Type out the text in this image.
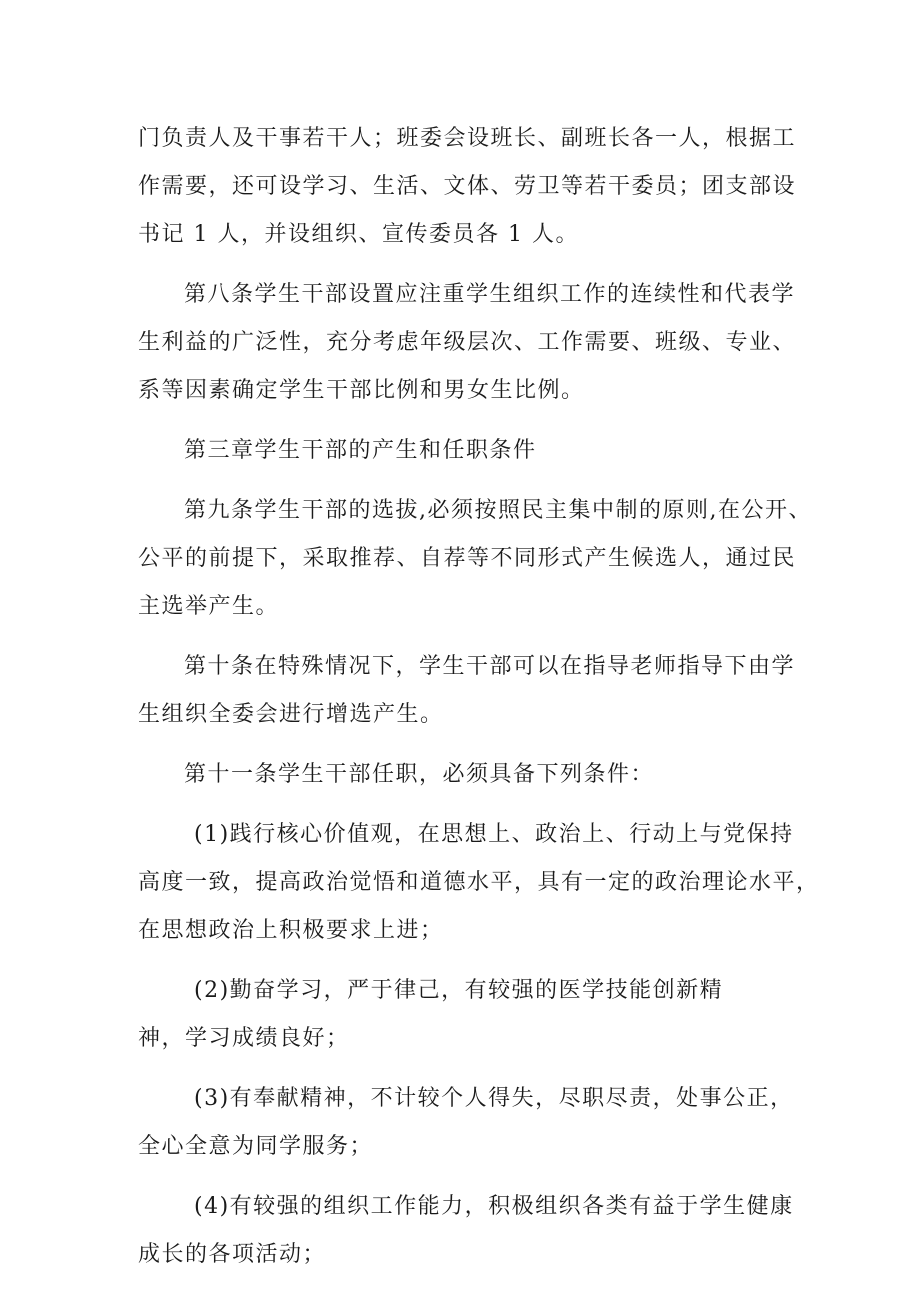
门负责人及干事若干人；班委会设班长、副班长各一人，根据工
作需要，还可设学习、生活、文体、劳卫等若干委员；团支部设
书记 1 人，并设组织、宣传委员各 1 人。

第八条学生干部设置应注重学生组织工作的连续性和代表学
生利益的广泛性，充分考虑年级层次、工作需要、班级、专业、
系等因素确定学生干部比例和男女生比例。

第三章学生干部的产生和任职条件

第九条学生干部的选拔,必须按照民主集中制的原则,在公开、
公平的前提下，采取推荐、自荐等不同形式产生候选人，通过民
主选举产生。

第十条在特殊情况下，学生干部可以在指导老师指导下由学
生组织全委会进行增选产生。

第十一条学生干部任职，必须具备下列条件：

(1)践行核心价值观，在思想上、政治上、行动上与党保持
高度一致，提高政治觉悟和道德水平，具有一定的政治理论水平，
在思想政治上积极要求上进；

(2)勤奋学习，严于律己，有较强的医学技能创新精
神，学习成绩良好；

(3)有奉献精神，不计较个人得失，尽职尽责，处事公正，
全心全意为同学服务；

(4)有较强的组织工作能力，积极组织各类有益于学生健康
成长的各项活动；
